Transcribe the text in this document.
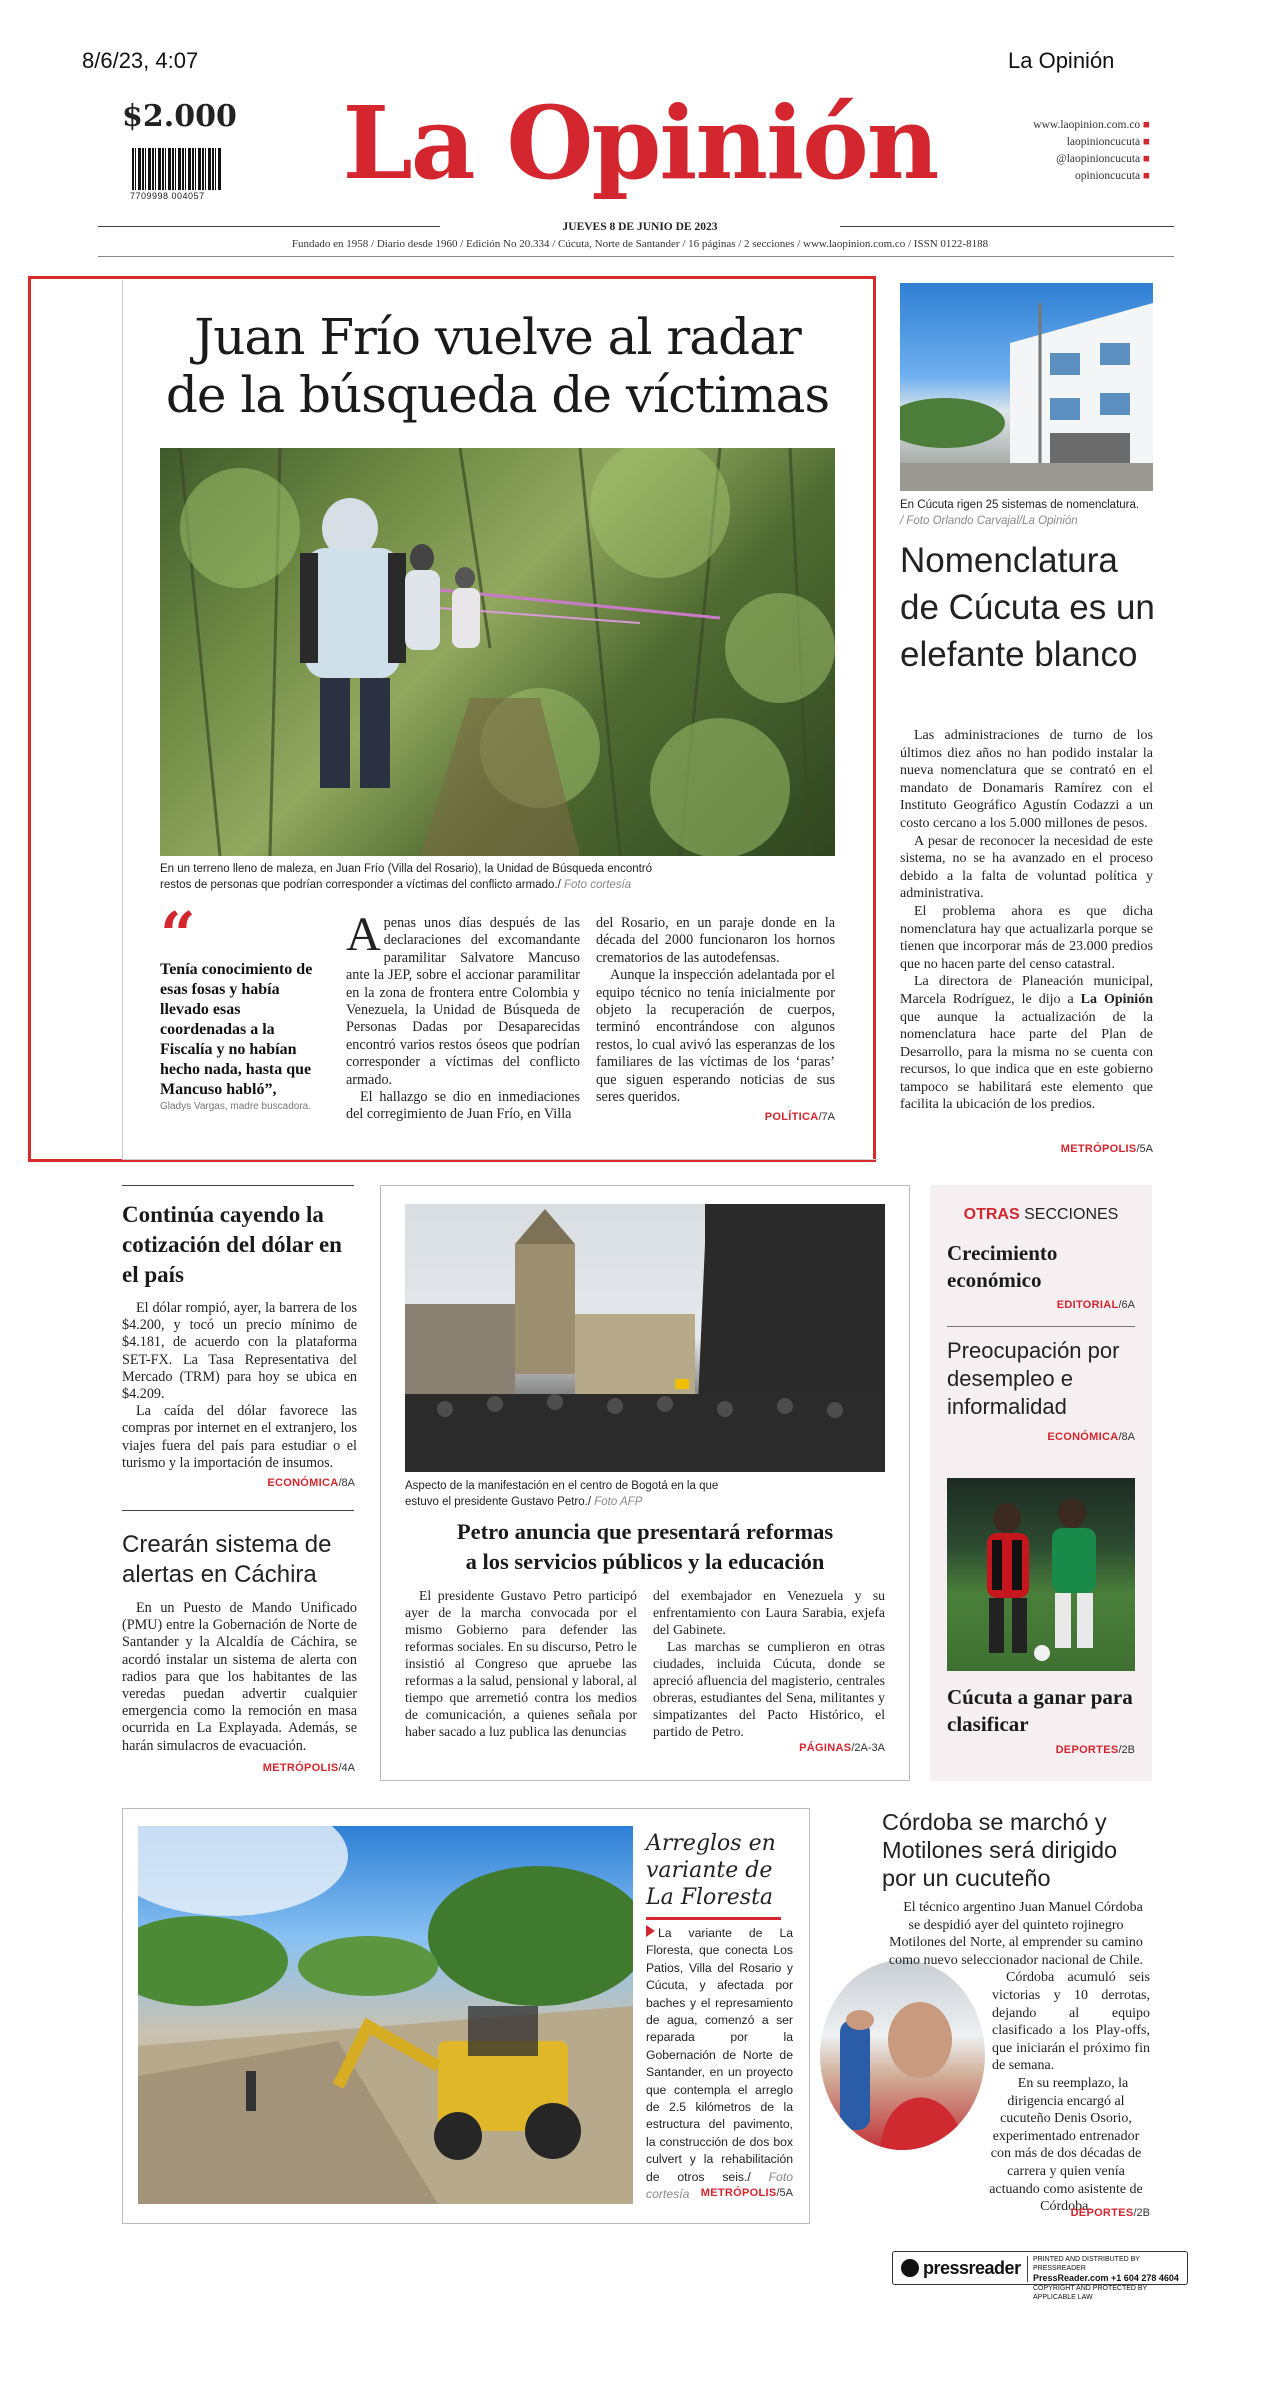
8/6/23, 4:07	La Opinión
$2.000
7709998 004057 La Opinión	www.laopinion.com.co ■
laopinioncucuta ■
@laopinioncucuta ■
opinioncucuta ■
JUEVES 8 DE JUNIO DE 2023
Fundado en 1958 / Diario desde 1960 / Edición No 20.334 / Cúcuta, Norte de Santander / 16 páginas / 2 secciones / www.laopinion.com.co / ISSN 0122-8188
Juan Frío vuelve al radar
de la búsqueda de víctimas
En un terreno lleno de maleza, en Juan Frío (Villa del Rosario), la Unidad de Búsqueda encontró restos de personas que podrían corresponder a víctimas del conflicto armado./ Foto cortesía
“
Tenía conocimiento de esas fosas y había llevado esas coordenadas a la Fiscalía y no habían hecho nada, hasta que Mancuso habló”,
Gladys Vargas, madre buscadora.
A penas unos días después de las declaraciones del excomandante paramilitar Salvatore Mancuso ante la JEP, sobre el accionar paramilitar en la zona de frontera entre Colombia y Venezuela, la Unidad de Búsqueda de Personas Dadas por Desaparecidas encontró varios restos óseos que podrían corresponder a víctimas del conflicto armado.

El hallazgo se dio en inmediaciones del corregimiento de Juan Frío, en Villa

del Rosario, en un paraje donde en la década del 2000 funcionaron los hornos crematorios de las autodefensas.

Aunque la inspección adelantada por el equipo técnico no tenía inicialmente por objeto la recuperación de cuerpos, terminó encontrándose con algunos restos, lo cual avivó las esperanzas de los familiares de las víctimas de los ‘paras’ que siguen esperando noticias de sus seres queridos.

POLÍTICA/7A
En Cúcuta rigen 25 sistemas de nomenclatura.
/ Foto Orlando Carvajal/La Opinión
Nomenclatura de Cúcuta es un elefante blanco

Las administraciones de turno de los últimos diez años no han podido instalar la nueva nomenclatura que se contrató en el mandato de Donamaris Ramírez con el Instituto Geográfico Agustín Codazzi a un costo cercano a los 5.000 millones de pesos.

A pesar de reconocer la necesidad de este sistema, no se ha avanzado en el proceso debido a la falta de voluntad política y administrativa.

El problema ahora es que dicha nomenclatura hay que actualizarla porque se tienen que incorporar más de 23.000 predios que no hacen parte del censo catastral.

La directora de Planeación municipal, Marcela Rodríguez, le dijo a La Opinión que aunque la actualización de la nomenclatura hace parte del Plan de Desarrollo, para la misma no se cuenta con recursos, lo que indica que en este gobierno tampoco se habilitará este elemento que facilita la ubicación de los predios.

METRÓPOLIS/5A
Continúa cayendo la cotización del dólar en el país

El dólar rompió, ayer, la barrera de los $4.200, y tocó un precio mínimo de $4.181, de acuerdo con la plataforma SET-FX. La Tasa Representativa del Mercado (TRM) para hoy se ubica en $4.209.

La caída del dólar favorece las compras por internet en el extranjero, los viajes fuera del país para estudiar o el turismo y la importación de insumos.

ECONÓMICA/8A
Crearán sistema de alertas en Cáchira

En un Puesto de Mando Unificado (PMU) entre la Gobernación de Norte de Santander y la Alcaldía de Cáchira, se acordó instalar un sistema de alerta con radios para que los habitantes de las veredas puedan advertir cualquier emergencia como la remoción en masa ocurrida en La Explayada. Además, se harán simulacros de evacuación.

METRÓPOLIS/4A
Aspecto de la manifestación en el centro de Bogotá en la que estuvo el presidente Gustavo Petro./ Foto AFP
Petro anuncia que presentará reformas
a los servicios públicos y la educación

El presidente Gustavo Petro participó ayer de la marcha convocada por el mismo Gobierno para defender las reformas sociales. En su discurso, Petro le insistió al Congreso que apruebe las reformas a la salud, pensional y laboral, al tiempo que arremetió contra los medios de comunicación, a quienes señala por haber sacado a luz publica las denuncias

del exembajador en Venezuela y su enfrentamiento con Laura Sarabia, exjefa del Gabinete.

Las marchas se cumplieron en otras ciudades, incluida Cúcuta, donde se apreció afluencia del magisterio, centrales obreras, estudiantes del Sena, militantes y simpatizantes del Pacto Histórico, el partido de Petro.

PÁGINAS/2A-3A
OTRAS SECCIONES
Crecimiento económico
EDITORIAL/6A
Preocupación por desempleo e informalidad
ECONÓMICA/8A
Cúcuta a ganar para clasificar
DEPORTES/2B
Arreglos en variante de La Floresta
La variante de La Floresta, que conecta Los Patios, Villa del Rosario y Cúcuta, y afectada por baches y el represamiento de agua, comenzó a ser reparada por la Gobernación de Norte de Santander, en un proyecto que contempla el arreglo de 2.5 kilómetros de la estructura del pavimento, la construcción de dos box culvert y la rehabilitación de otros seis./ Foto cortesía	METRÓPOLIS/5A
Córdoba se marchó y Motilones será dirigido por un cucuteño

El técnico argentino Juan Manuel Córdoba se despidió ayer del quinteto rojinegro Motilones del Norte, al emprender su camino como nuevo seleccionador nacional de Chile.

Córdoba acumuló seis victorias y 10 derrotas, dejando al equipo clasificado a los Play-offs, que iniciarán el próximo fin de semana.

En su reemplazo, la dirigencia encargó al cucuteño Denis Osorio, experimentado entrenador con más de dos décadas de carrera y quien venía actuando como asistente de Córdoba.

DEPORTES/2B
pressreader PRINTED AND DISTRIBUTED BY PRESSREADER
PressReader.com +1 604 278 4604
COPYRIGHT AND PROTECTED BY APPLICABLE LAW
